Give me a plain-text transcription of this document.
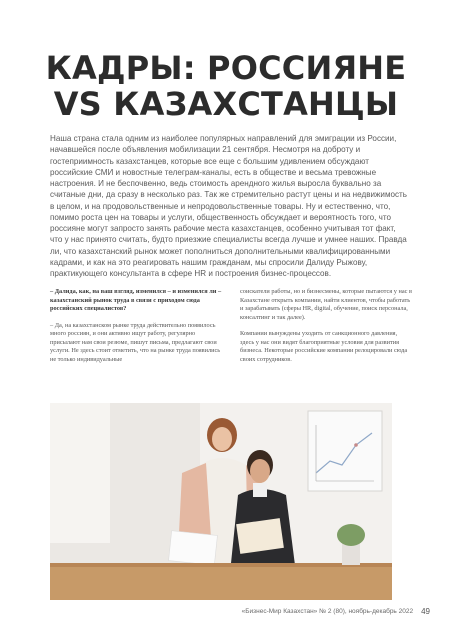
КАДРЫ: РОССИЯНЕ
VS КАЗАХСТАНЦЫ

Наша страна стала одним из наиболее популярных направлений для эмиграции из России, начавшейся после объявления мобилизации 21 сентября. Несмотря на доброту и гостеприимность казахстанцев, которые все еще с большим удивлением обсуждают российские СМИ и новостные телеграм-каналы, есть в обществе и весьма тревожные настроения. И не беспочвенно, ведь стоимость арендного жилья выросла буквально за считаные дни, да сразу в несколько раз. Так же стремительно растут цены и на недвижимость в целом, и на продовольственные и непродовольственные товары. Ну и естественно, что, помимо роста цен на товары и услуги, общественность обсуждает и вероятность того, что россияне могут запросто занять рабочие места казахстанцев, особенно учитывая тот факт, что у нас принято считать, будто приезжие специалисты всегда лучше и умнее наших. Правда ли, что казахстанский рынок может пополниться дополнительными квалифицированными кадрами, и как на это реагировать нашим гражданам, мы спросили Далиду Рыжову, практикующего консультанта в сфере HR и построения бизнес-процессов.

– Далида, как, на ваш взгляд, изменился – и изменился ли – казахстанский рынок труда в связи с приходом сюда российских специалистов?

– Да, на казахстанском рынке труда действительно появилось много россиян, и они активно ищут работу, регулярно присылают нам свои резюме, пишут письма, предлагают свои услуги. Не здесь стоит отметить, что на рынке труда появились не только индивидуальные

соискатели работы, но и бизнесмены, которые пытаются у нас в Казахстане открыть компании, найти клиентов, чтобы работать и зарабатывать (сферы HR, digital, обучение, поиск персонала, консалтинг и так далее).

Компании вынуждены уходить от санкционного давления, здесь у нас они видят благоприятные условия для развития бизнеса. Некоторые российские компании релоцировали сюда своих сотрудников.

«Бизнес-Мир Казахстан» № 2 (80), ноябрь-декабрь 2022 49
